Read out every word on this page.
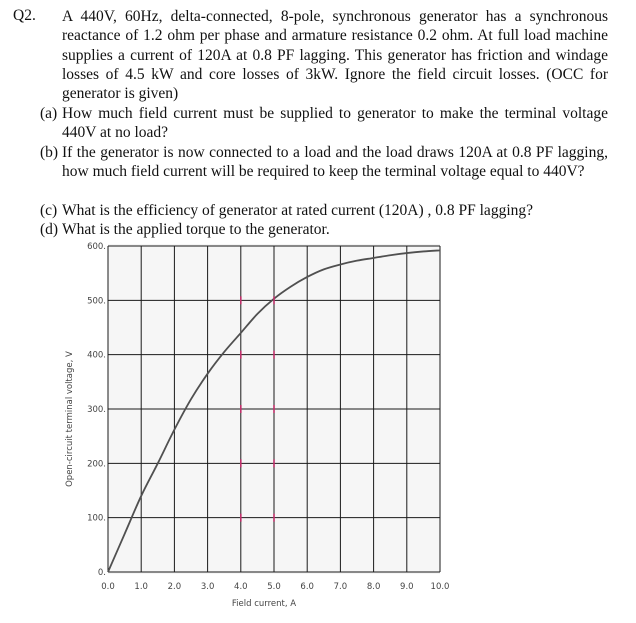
Q2. A 440V, 60Hz, delta-connected, 8-pole, synchronous generator has a synchronous reactance of 1.2 ohm per phase and armature resistance 0.2 ohm. At full load machine supplies a current of 120A at 0.8 PF lagging. This generator has friction and windage losses of 4.5 kW and core losses of 3kW. Ignore the field circuit losses. (OCC for generator is given)
(a) How much field current must be supplied to generator to make the terminal voltage 440V at no load?
(b) If the generator is now connected to a load and the load draws 120A at 0.8 PF lagging, how much field current will be required to keep the terminal voltage equal to 440V?
(c) What is the efficiency of generator at rated current (120A) , 0.8 PF lagging?
(d) What is the applied torque to the generator.
0.0 1.0 2.0 3.0 4.0 5.0 6.0 7.0 8.0 9.0 10.0
0.
100.
200.
300.
400.
500.
600.
Field current, A
Open-circuit terminal voltage, V
